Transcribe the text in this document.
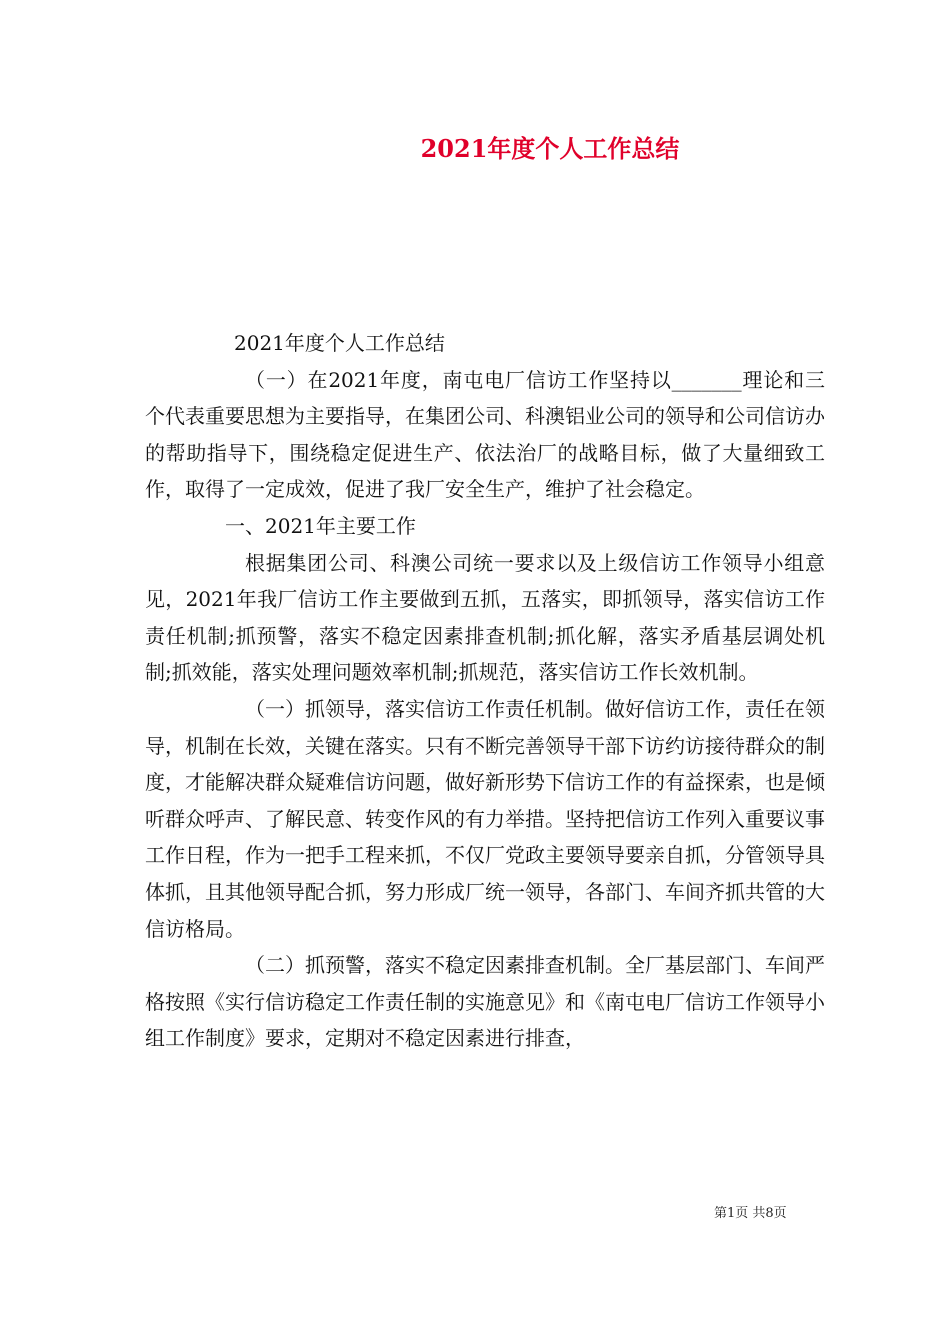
2021年度个人工作总结

2021年度个人工作总结

（一）在2021年度，南屯电厂信访工作坚持以_______理论和三个代表重要思想为主要指导，在集团公司、科澳铝业公司的领导和公司信访办的帮助指导下，围绕稳定促进生产、依法治厂的战略目标，做了大量细致工作，取得了一定成效，促进了我厂安全生产，维护了社会稳定。

一、2021年主要工作

根据集团公司、科澳公司统一要求以及上级信访工作领导小组意见，2021年我厂信访工作主要做到五抓，五落实，即抓领导，落实信访工作责任机制;抓预警，落实不稳定因素排查机制;抓化解，落实矛盾基层调处机制;抓效能，落实处理问题效率机制;抓规范，落实信访工作长效机制。

（一）抓领导，落实信访工作责任机制。做好信访工作，责任在领导，机制在长效，关键在落实。只有不断完善领导干部下访约访接待群众的制度，才能解决群众疑难信访问题，做好新形势下信访工作的有益探索，也是倾听群众呼声、了解民意、转变作风的有力举措。坚持把信访工作列入重要议事工作日程，作为一把手工程来抓，不仅厂党政主要领导要亲自抓，分管领导具体抓，且其他领导配合抓，努力形成厂统一领导，各部门、车间齐抓共管的大信访格局。

（二）抓预警，落实不稳定因素排查机制。全厂基层部门、车间严格按照《实行信访稳定工作责任制的实施意见》和《南屯电厂信访工作领导小组工作制度》要求，定期对不稳定因素进行排查，

第1页 共8页
